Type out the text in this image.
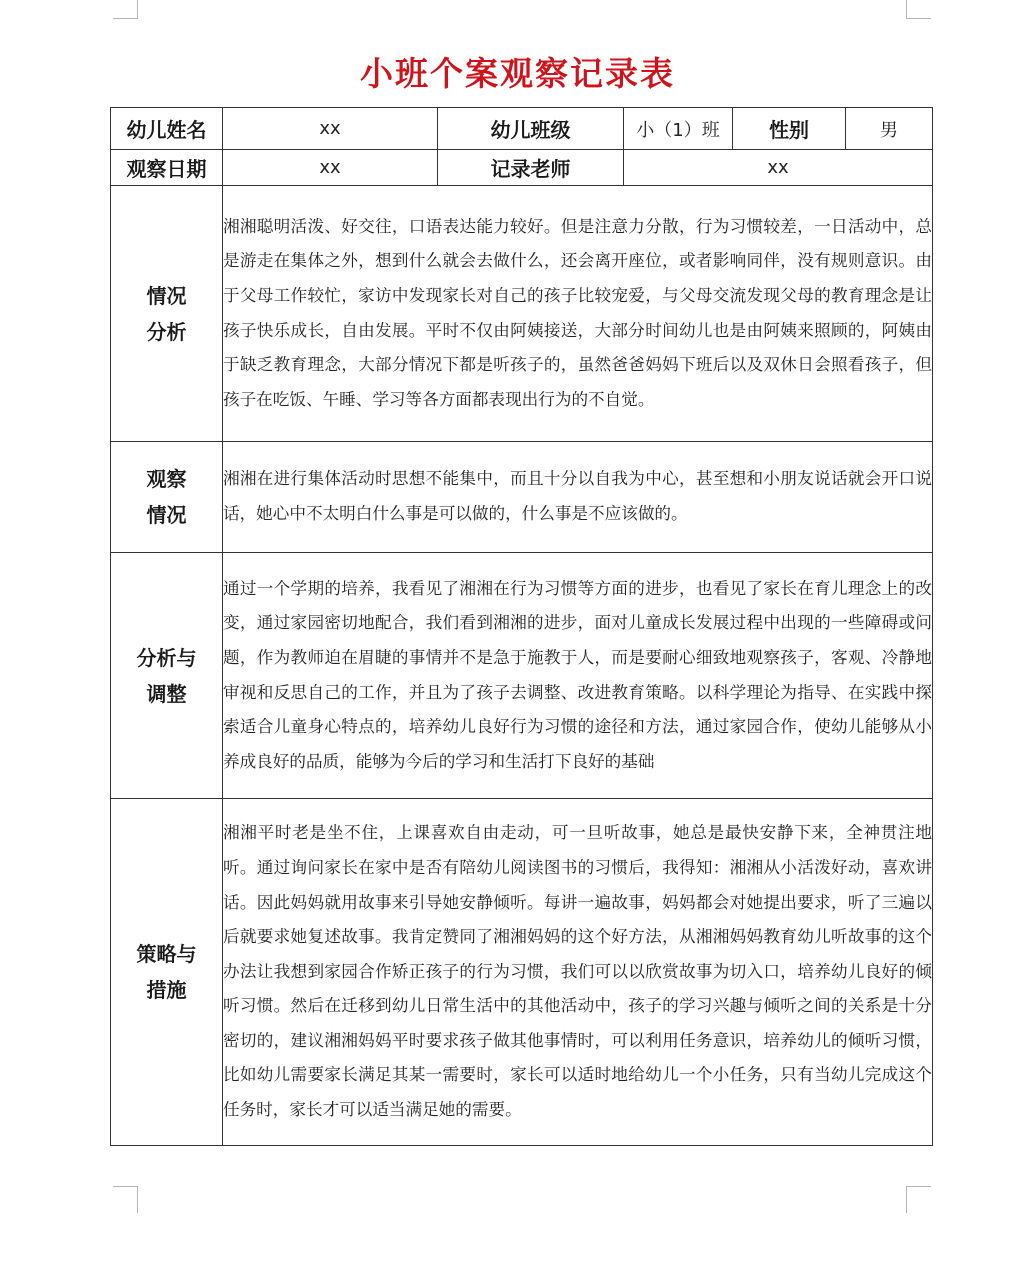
小班个案观察记录表
幼儿姓名	xx	幼儿班级	小（1）班	性别	男
观察日期	xx	记录老师	xx		

情况
分析	湘湘聪明活泼、好交往，口语表达能力较好。但是注意力分散，行为习惯较差，一日活动中，总是游走在集体之外，想到什么就会去做什么，还会离开座位，或者影响同伴，没有规则意识。由于父母工作较忙，家访中发现家长对自己的孩子比较宠爱，与父母交流发现父母的教育理念是让孩子快乐成长，自由发展。平时不仅由阿姨接送，大部分时间幼儿也是由阿姨来照顾的，阿姨由于缺乏教育理念，大部分情况下都是听孩子的，虽然爸爸妈妈下班后以及双休日会照看孩子，但孩子在吃饭、午睡、学习等各方面都表现出行为的不自觉。				

观察
情况	湘湘在进行集体活动时思想不能集中，而且十分以自我为中心，甚至想和小朋友说话就会开口说话，她心中不太明白什么事是可以做的，什么事是不应该做的。				

分析与
调整	通过一个学期的培养，我看见了湘湘在行为习惯等方面的进步，也看见了家长在育儿理念上的改变，通过家园密切地配合，我们看到湘湘的进步，面对儿童成长发展过程中出现的一些障碍或问题，作为教师迫在眉睫的事情并不是急于施教于人，而是要耐心细致地观察孩子，客观、冷静地审视和反思自己的工作，并且为了孩子去调整、改进教育策略。以科学理论为指导、在实践中探索适合儿童身心特点的，培养幼儿良好行为习惯的途径和方法，通过家园合作，使幼儿能够从小养成良好的品质，能够为今后的学习和生活打下良好的基础				

策略与
措施	湘湘平时老是坐不住，上课喜欢自由走动，可一旦听故事，她总是最快安静下来，全神贯注地听。通过询问家长在家中是否有陪幼儿阅读图书的习惯后，我得知：湘湘从小活泼好动，喜欢讲话。因此妈妈就用故事来引导她安静倾听。每讲一遍故事，妈妈都会对她提出要求，听了三遍以后就要求她复述故事。我肯定赞同了湘湘妈妈的这个好方法，从湘湘妈妈教育幼儿听故事的这个办法让我想到家园合作矫正孩子的行为习惯，我们可以以欣赏故事为切入口，培养幼儿良好的倾听习惯。然后在迁移到幼儿日常生活中的其他活动中，孩子的学习兴趣与倾听之间的关系是十分密切的，建议湘湘妈妈平时要求孩子做其他事情时，可以利用任务意识，培养幼儿的倾听习惯，比如幼儿需要家长满足其某一需要时，家长可以适时地给幼儿一个小任务，只有当幼儿完成这个任务时，家长才可以适当满足她的需要。				
